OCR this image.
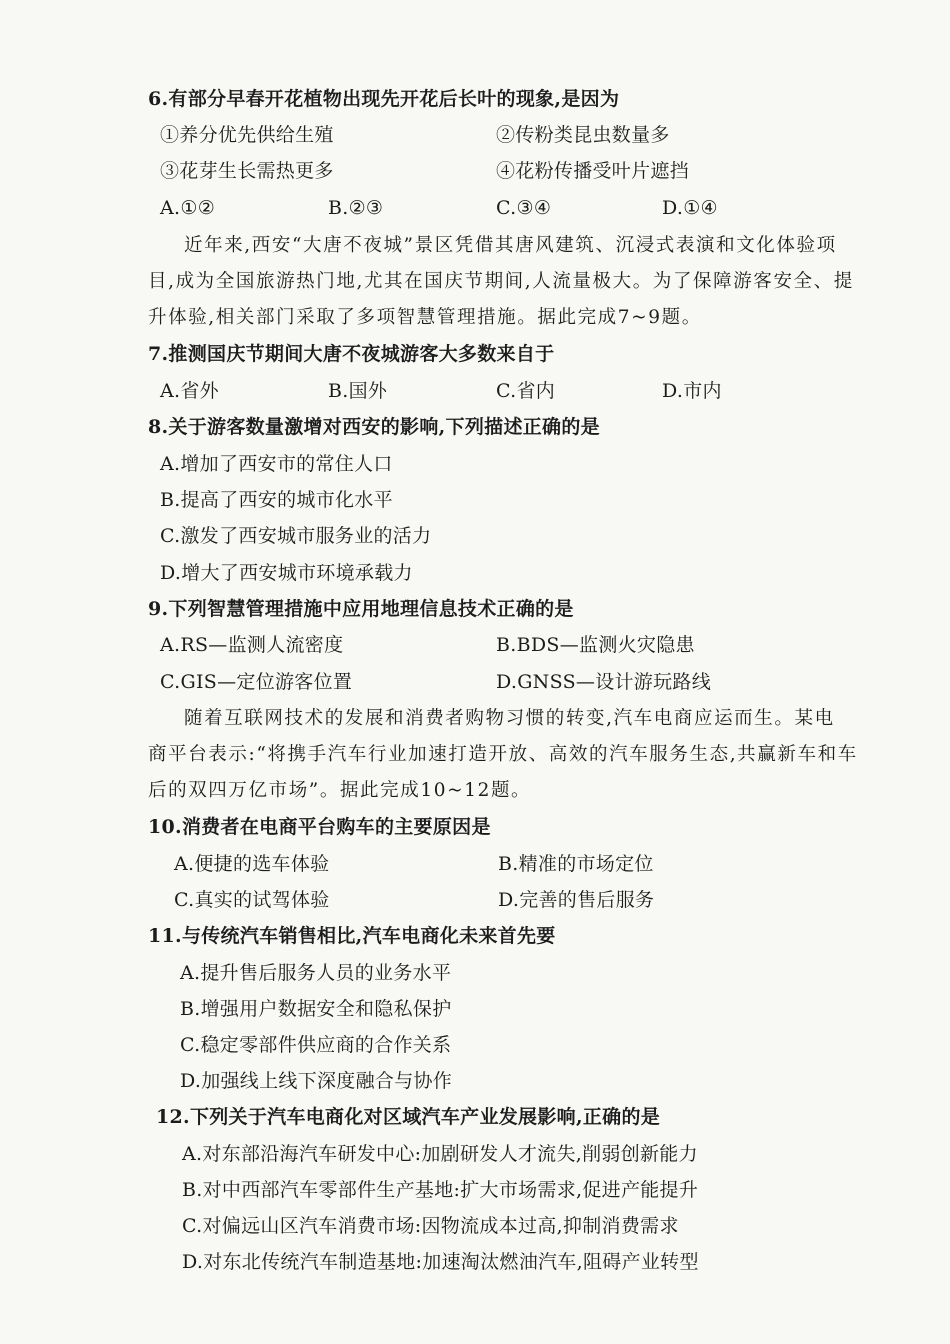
6.有部分早春开花植物出现先开花后长叶的现象,是因为
①养分优先供给生殖	②传粉类昆虫数量多
③花芽生长需热更多	④花粉传播受叶片遮挡
A.①②	B.②③	C.③④	D.①④
近年来,西安“大唐不夜城”景区凭借其唐风建筑、沉浸式表演和文化体验项
目,成为全国旅游热门地,尤其在国庆节期间,人流量极大。为了保障游客安全、提
升体验,相关部门采取了多项智慧管理措施。据此完成7~9题。
7.推测国庆节期间大唐不夜城游客大多数来自于
A.省外	B.国外	C.省内	D.市内
8.关于游客数量激增对西安的影响,下列描述正确的是
A.增加了西安市的常住人口
B.提高了西安的城市化水平
C.激发了西安城市服务业的活力
D.增大了西安城市环境承载力
9.下列智慧管理措施中应用地理信息技术正确的是
A.RS—监测人流密度	B.BDS—监测火灾隐患
C.GIS—定位游客位置	D.GNSS—设计游玩路线
随着互联网技术的发展和消费者购物习惯的转变,汽车电商应运而生。某电
商平台表示:“将携手汽车行业加速打造开放、高效的汽车服务生态,共赢新车和车
后的双四万亿市场”。据此完成10~12题。
10.消费者在电商平台购车的主要原因是
A.便捷的选车体验	B.精准的市场定位
C.真实的试驾体验	D.完善的售后服务
11.与传统汽车销售相比,汽车电商化未来首先要
A.提升售后服务人员的业务水平
B.增强用户数据安全和隐私保护
C.稳定零部件供应商的合作关系
D.加强线上线下深度融合与协作
12.下列关于汽车电商化对区域汽车产业发展影响,正确的是
A.对东部沿海汽车研发中心:加剧研发人才流失,削弱创新能力
B.对中西部汽车零部件生产基地:扩大市场需求,促进产能提升
C.对偏远山区汽车消费市场:因物流成本过高,抑制消费需求
D.对东北传统汽车制造基地:加速淘汰燃油汽车,阻碍产业转型
